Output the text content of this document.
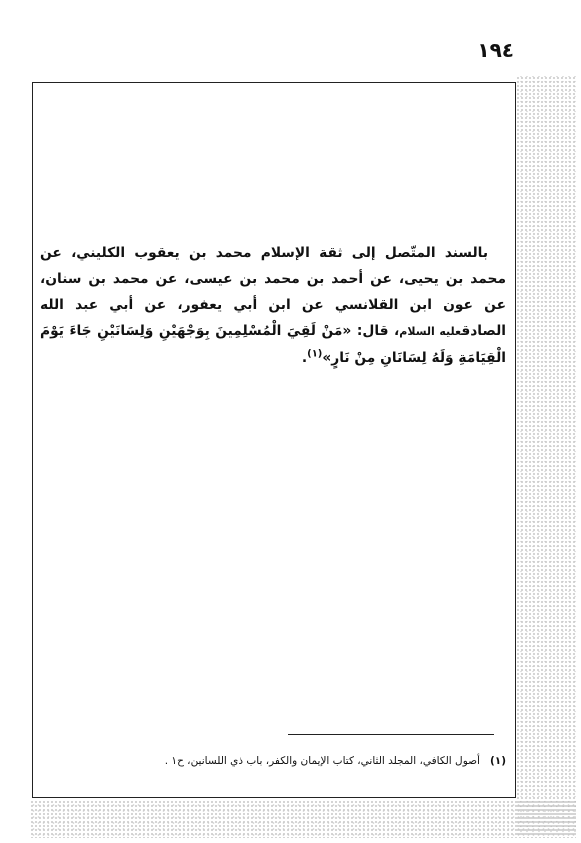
١٩٤

بالسند المتّصل إلى ثقة الإسلام محمد بن يعقوب الكليني، عن محمد بن يحيى، عن أحمد بن محمد بن عيسى، عن محمد بن سنان، عن عون ابن القلانسي عن ابن أبي يعفور، عن أبي عبد الله الصادقعليه السلام، قال: «مَنْ لَقِيَ الْمُسْلِمِينَ بِوَجْهَيْنِ وَلِسَانَيْنِ جَاءَ يَوْمَ الْقِيَامَةِ وَلَهُ لِسَانَانِ مِنْ نَارٍ»$^{(١)}$.

(١)أصول الكافي، المجلد الثاني، كتاب الإيمان والكفر، باب ذي اللسانين، ح١ .
